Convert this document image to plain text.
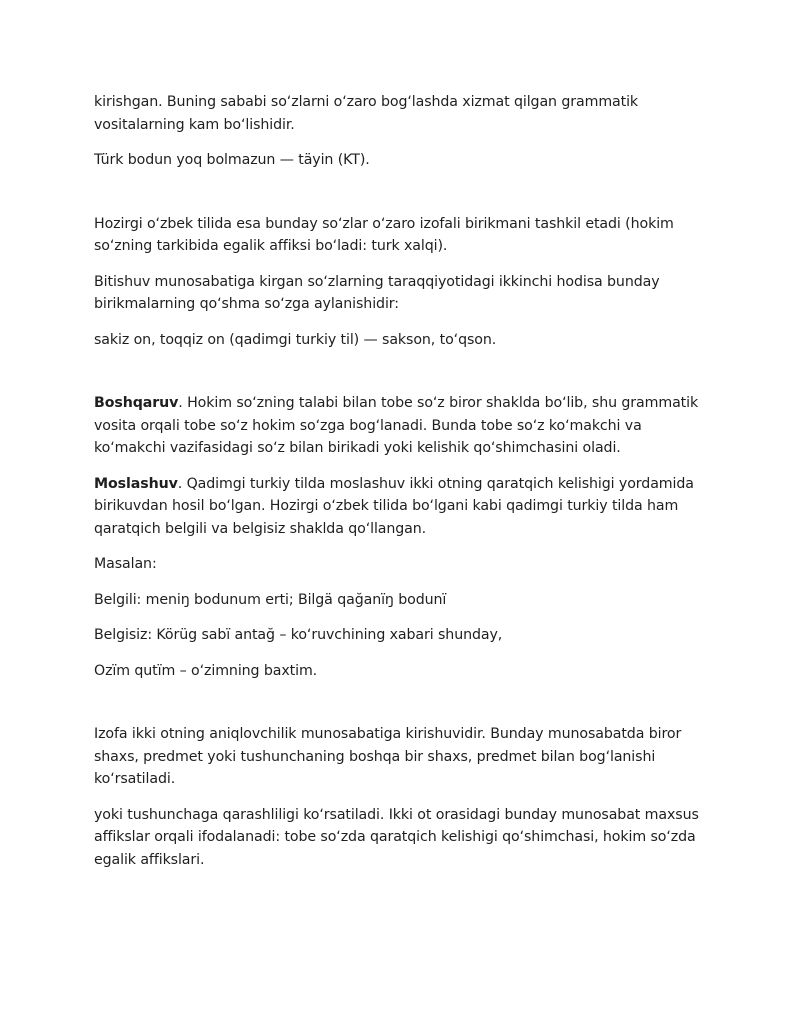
kirishgan. Buning sababi so‘zlarni o‘zaro bog‘lashda xizmat qilgan grammatik vositalarning kam bo‘lishidir.

Türk bodun yoq bolmazun — täyin (KT).

Hozirgi o‘zbek tilida esa bunday so‘zlar o‘zaro izofali birikmani tashkil etadi (hokim so‘zning tarkibida egalik affiksi bo‘ladi: turk xalqi).

Bitishuv munosabatiga kirgan so‘zlarning taraqqiyotidagi ikkinchi hodisa bunday birikmalarning qo‘shma so‘zga aylanishidir:

sakiz on, toqqiz on (qadimgi turkiy til) — sakson, to‘qson.

Boshqaruv. Hokim so‘zning talabi bilan tobe so‘z biror shaklda bo‘lib, shu grammatik vosita orqali tobe so‘z hokim so‘zga bog‘lanadi. Bunda tobe so‘z ko‘makchi va ko‘makchi vazifasidagi so‘z bilan birikadi yoki kelishik qo‘shimchasini oladi.

Moslashuv. Qadimgi turkiy tilda moslashuv ikki otning qaratqich kelishigi yordamida birikuvdan hosil bo‘lgan. Hozirgi o‘zbek tilida bo‘lgani kabi qadimgi turkiy tilda ham qaratqich belgili va belgisiz shaklda qo‘llangan.

Masalan:

Belgili: meniŋ bodunum erti; Bilgä qağanïŋ bodunï

Belgisiz: Körüg sabï antağ – ko‘ruvchining xabari shunday,

Ozïm qutïm – o‘zimning baxtim.

Izofa ikki otning aniqlovchilik munosabatiga kirishuvidir. Bunday munosabatda biror shaxs, predmet yoki tushunchaning boshqa bir shaxs, predmet bilan bog‘lanishi ko‘rsatiladi.

yoki tushunchaga qarashliligi ko‘rsatiladi. Ikki ot orasidagi bunday munosabat maxsus affikslar orqali ifodalanadi: tobe so‘zda qaratqich kelishigi qo‘shimchasi, hokim so‘zda egalik affikslari.
